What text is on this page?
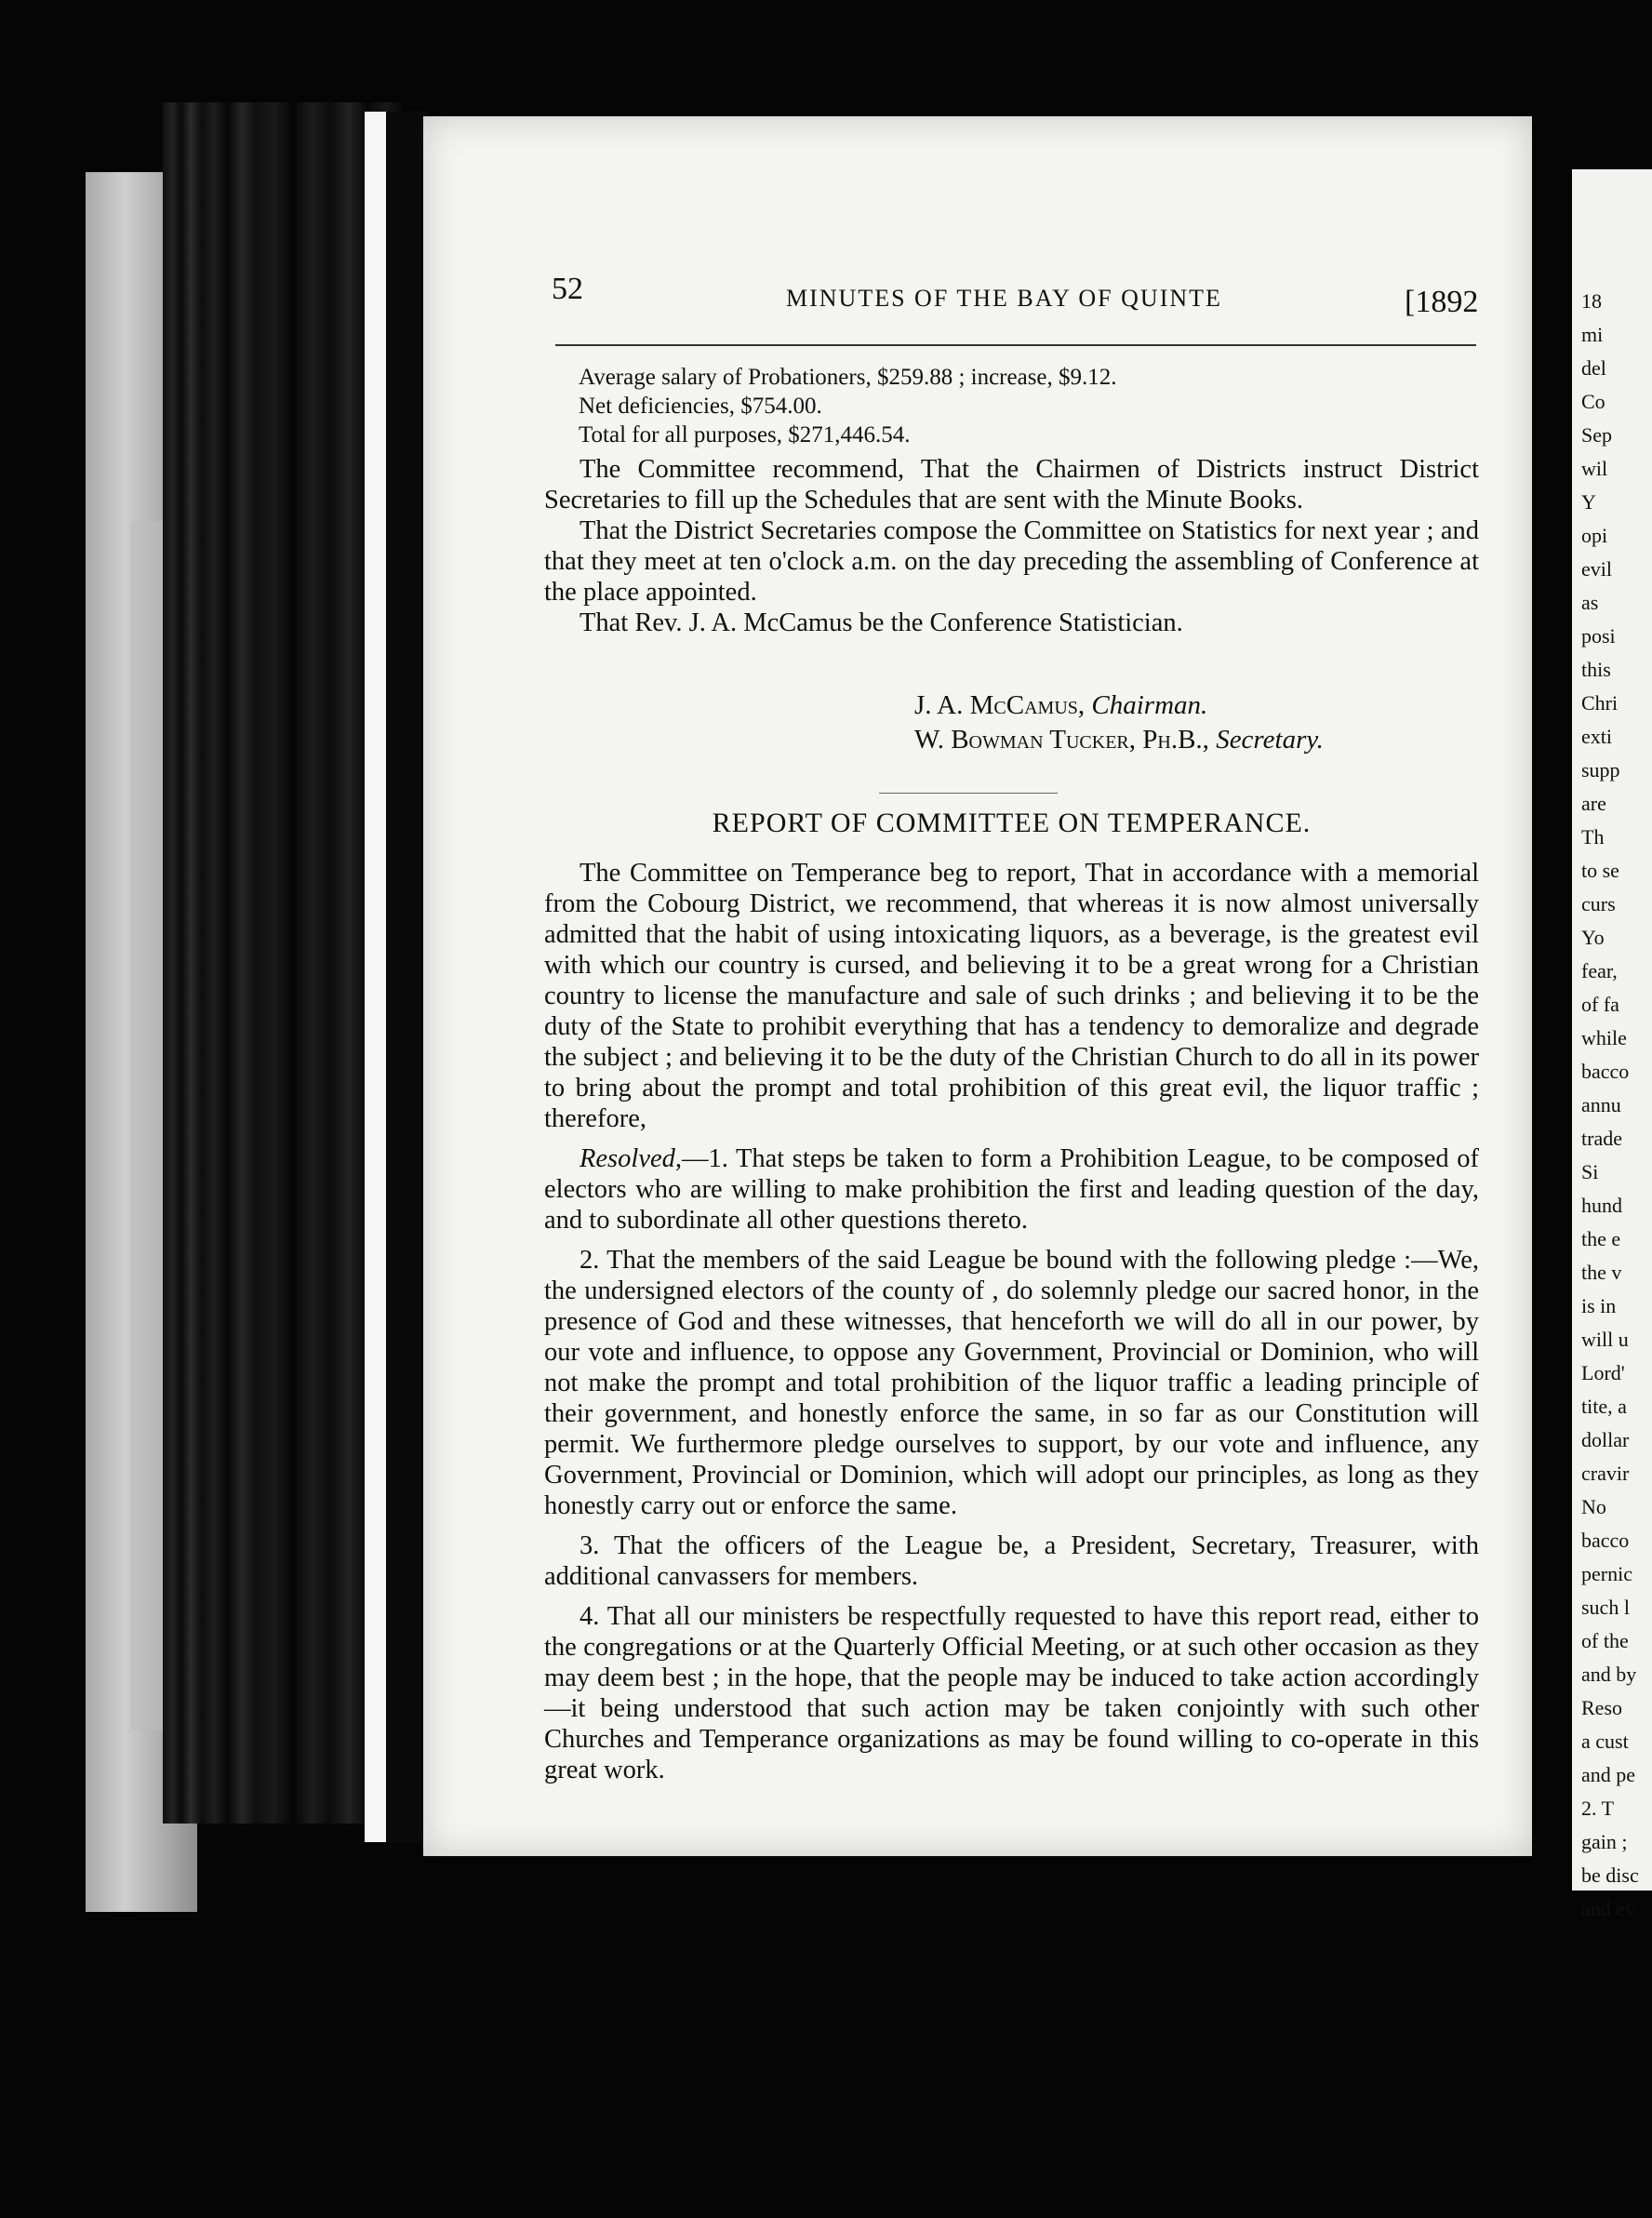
52	MINUTES OF THE BAY OF QUINTE	[1892
Average salary of Probationers, $259.88 ; increase, $9.12.
Net deficiencies, $754.00.
Total for all purposes, $271,446.54.

The Committee recommend, That the Chairmen of Districts instruct District Secretaries to fill up the Schedules that are sent with the Minute Books.

That the District Secretaries compose the Committee on Statistics for next year ; and that they meet at ten o'clock a.m. on the day preceding the assembling of Conference at the place appointed.

That Rev. J. A. McCamus be the Conference Statistician.

J. A. McCamus, Chairman.
W. Bowman Tucker, Ph.B., Secretary.
REPORT OF COMMITTEE ON TEMPERANCE.

The Committee on Temperance beg to report, That in accordance with a memorial from the Cobourg District, we recommend, that whereas it is now almost universally admitted that the habit of using intoxicating liquors, as a beverage, is the greatest evil with which our country is cursed, and believing it to be a great wrong for a Christian country to license the manufacture and sale of such drinks ; and believing it to be the duty of the State to prohibit everything that has a tendency to demoralize and degrade the subject ; and believing it to be the duty of the Christian Church to do all in its power to bring about the prompt and total prohibition of this great evil, the liquor traffic ; therefore,

Resolved,—1. That steps be taken to form a Prohibition League, to be composed of electors who are willing to make prohibition the first and leading question of the day, and to subordinate all other questions thereto.

2. That the members of the said League be bound with the following pledge :—We, the undersigned electors of the county of , do solemnly pledge our sacred honor, in the presence of God and these witnesses, that henceforth we will do all in our power, by our vote and influence, to oppose any Government, Provincial or Dominion, who will not make the prompt and total prohibition of the liquor traffic a leading principle of their government, and honestly enforce the same, in so far as our Constitution will permit. We furthermore pledge ourselves to support, by our vote and influence, any Government, Provincial or Dominion, which will adopt our principles, as long as they honestly carry out or enforce the same.

3. That the officers of the League be, a President, Secretary, Treasurer, with additional canvassers for members.

4. That all our ministers be respectfully requested to have this report read, either to the congregations or at the Quarterly Official Meeting, or at such other occasion as they may deem best ; in the hope, that the people may be induced to take action accordingly—it being understood that such action may be taken conjointly with such other Churches and Temperance organizations as may be found willing to co-operate in this great work.

18
mi
del
Co
Sep
wil
Y
opi
evil
as
posi
this
Chri
exti
supp
are
Th
to se
curs
Yo
fear,
of fa
while
bacco
annu
trade
Si
hund
the e
the v
is in
will u
Lord'
tite, a
dollar
cravir
No
bacco
pernic
such l
of the
and by
Reso
a cust
and pe
2. T
gain ;
be disc
and ev
